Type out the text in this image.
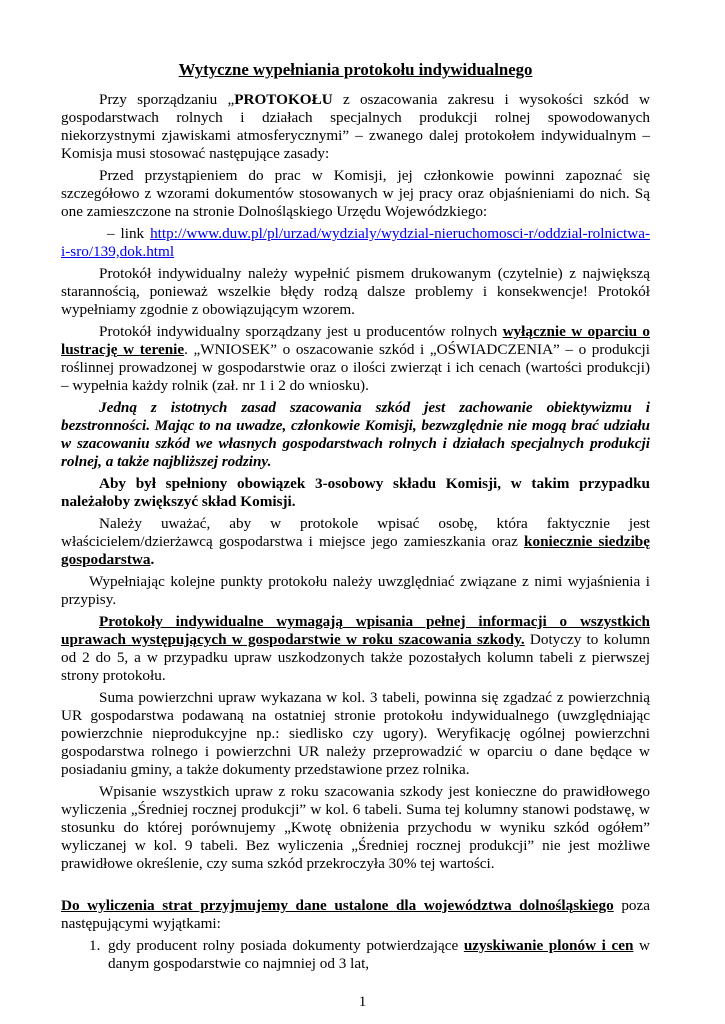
Wytyczne wypełniania protokołu indywidualnego

Przy sporządzaniu „PROTOKOŁU z oszacowania zakresu i wysokości szkód w gospodarstwach rolnych i działach specjalnych produkcji rolnej spowodowanych niekorzystnymi zjawiskami atmosferycznymi” – zwanego dalej protokołem indywidualnym – Komisja musi stosować następujące zasady:

Przed przystąpieniem do prac w Komisji, jej członkowie powinni zapoznać się szczegółowo z wzorami dokumentów stosowanych w jej pracy oraz objaśnieniami do nich. Są one zamieszczone na stronie Dolnośląskiego Urzędu Wojewódzkiego:

– link http://www.duw.pl/pl/urzad/wydzialy/wydzial-nieruchomosci-r/oddzial-rolnictwa-i-sro/139,dok.html

Protokół indywidualny należy wypełnić pismem drukowanym (czytelnie) z największą starannością, ponieważ wszelkie błędy rodzą dalsze problemy i konsekwencje! Protokół wypełniamy zgodnie z obowiązującym wzorem.

Protokół indywidualny sporządzany jest u producentów rolnych wyłącznie w oparciu o lustrację w terenie. „WNIOSEK” o oszacowanie szkód i „OŚWIADCZENIA” – o produkcji roślinnej prowadzonej w gospodarstwie oraz o ilości zwierząt i ich cenach (wartości produkcji) – wypełnia każdy rolnik (zał. nr 1 i 2 do wniosku).

Jedną z istotnych zasad szacowania szkód jest zachowanie obiektywizmu i bezstronności. Mając to na uwadze, członkowie Komisji, bezwzględnie nie mogą brać udziału w szacowaniu szkód we własnych gospodarstwach rolnych i działach specjalnych produkcji rolnej, a także najbliższej rodziny.

Aby był spełniony obowiązek 3-osobowy składu Komisji, w takim przypadku należałoby zwiększyć skład Komisji.

Należy uważać, aby w protokole wpisać osobę, która faktycznie jest właścicielem/dzierżawcą gospodarstwa i miejsce jego zamieszkania oraz koniecznie siedzibę gospodarstwa.

Wypełniając kolejne punkty protokołu należy uwzględniać związane z nimi wyjaśnienia i przypisy.

Protokoły indywidualne wymagają wpisania pełnej informacji o wszystkich uprawach występujących w gospodarstwie w roku szacowania szkody. Dotyczy to kolumn od 2 do 5, a w przypadku upraw uszkodzonych także pozostałych kolumn tabeli z pierwszej strony protokołu.

Suma powierzchni upraw wykazana w kol. 3 tabeli, powinna się zgadzać z powierzchnią UR gospodarstwa podawaną na ostatniej stronie protokołu indywidualnego (uwzględniając powierzchnie nieprodukcyjne np.: siedlisko czy ugory). Weryfikację ogólnej powierzchni gospodarstwa rolnego i powierzchni UR należy przeprowadzić w oparciu o dane będące w posiadaniu gminy, a także dokumenty przedstawione przez rolnika.

Wpisanie wszystkich upraw z roku szacowania szkody jest konieczne do prawidłowego wyliczenia „Średniej rocznej produkcji” w kol. 6 tabeli. Suma tej kolumny stanowi podstawę, w stosunku do której porównujemy „Kwotę obniżenia przychodu w wyniku szkód ogółem” wyliczanej w kol. 9 tabeli. Bez wyliczenia „Średniej rocznej produkcji” nie jest możliwe prawidłowe określenie, czy suma szkód przekroczyła 30% tej wartości.

Do wyliczenia strat przyjmujemy dane ustalone dla województwa dolnośląskiego poza następującymi wyjątkami:

1. gdy producent rolny posiada dokumenty potwierdzające uzyskiwanie plonów i cen w danym gospodarstwie co najmniej od 3 lat,
1
